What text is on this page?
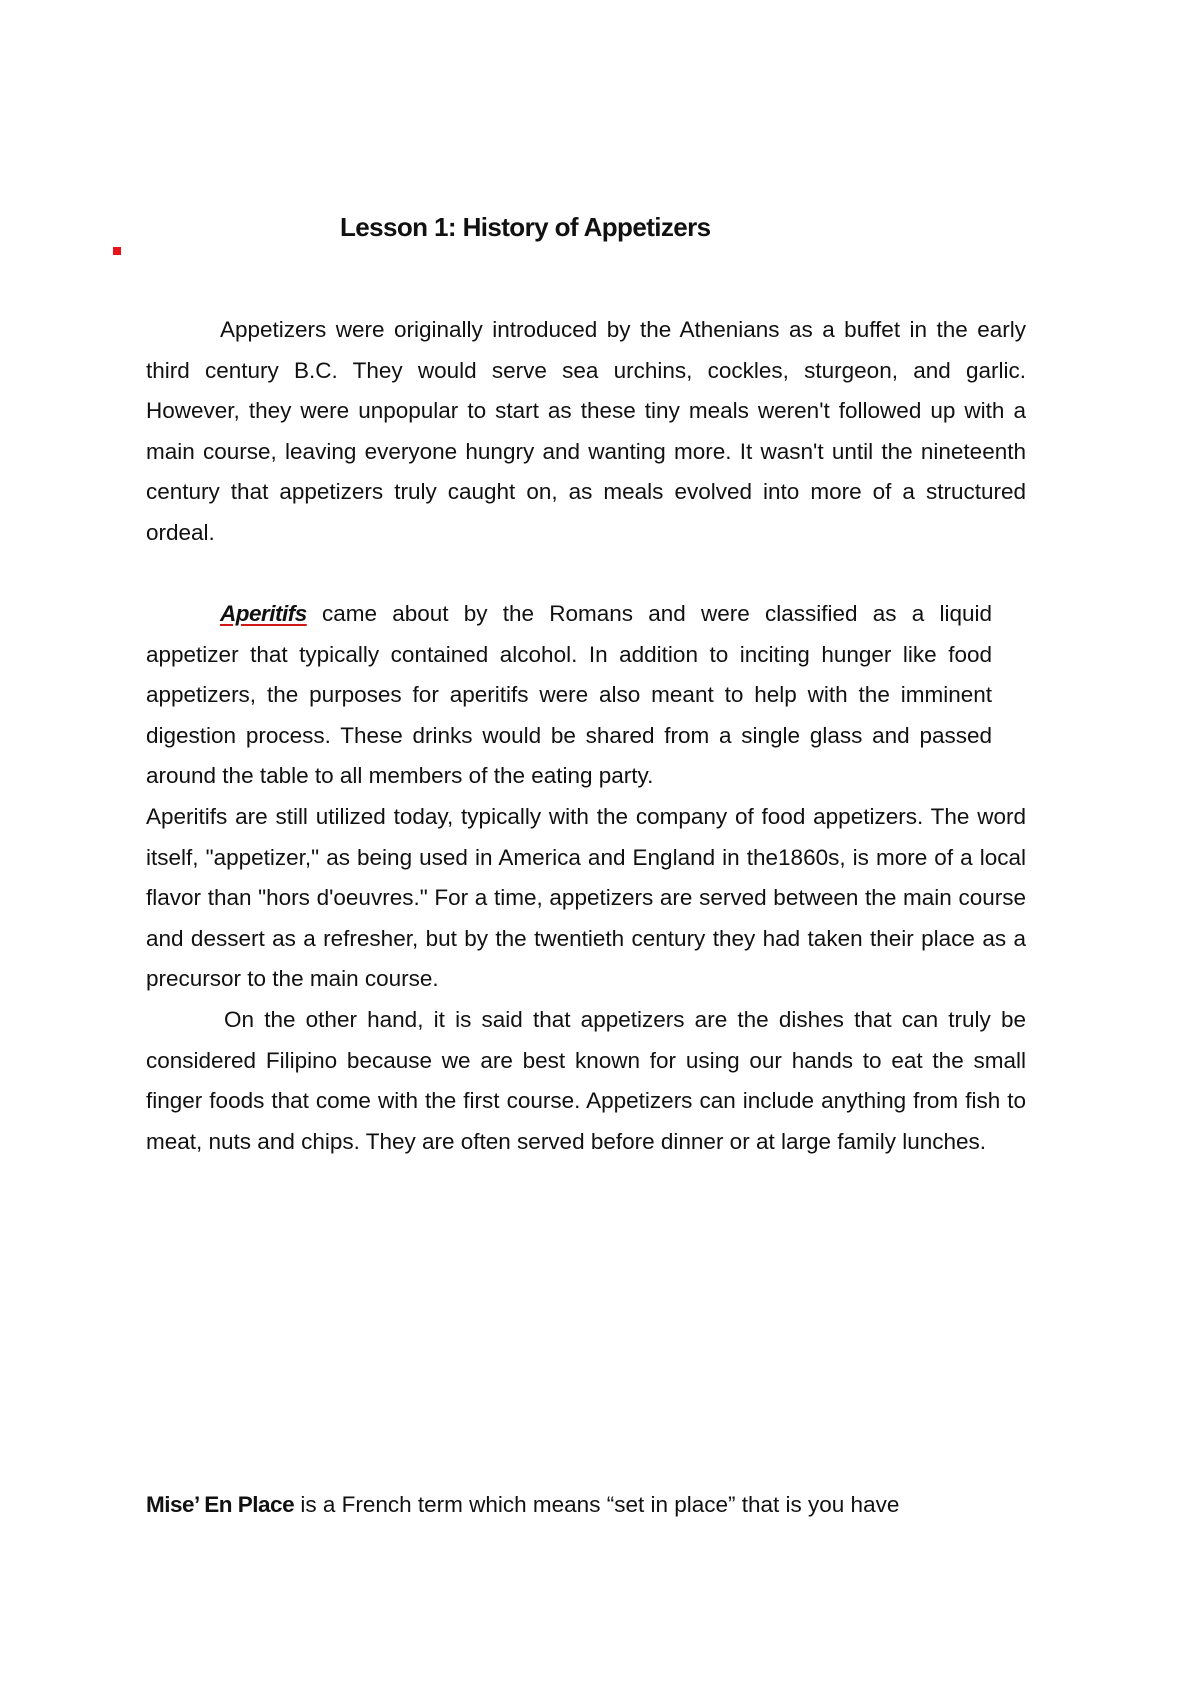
Lesson 1: History of Appetizers

Appetizers were originally introduced by the Athenians as a buffet in the early third century B.C. They would serve sea urchins, cockles, sturgeon, and garlic. However, they were unpopular to start as these tiny meals weren't followed up with a main course, leaving everyone hungry and wanting more. It wasn't until the nineteenth century that appetizers truly caught on, as meals evolved into more of a structured ordeal.

Aperitifs came about by the Romans and were classified as a liquid appetizer that typically contained alcohol. In addition to inciting hunger like food appetizers, the purposes for aperitifs were also meant to help with the imminent digestion process. These drinks would be shared from a single glass and passed around the table to all members of the eating party.

Aperitifs are still utilized today, typically with the company of food appetizers. The word itself, "appetizer," as being used in America and England in the1860s, is more of a local flavor than "hors d'oeuvres." For a time, appetizers are served between the main course and dessert as a refresher, but by the twentieth century they had taken their place as a precursor to the main course.

On the other hand, it is said that appetizers are the dishes that can truly be considered Filipino because we are best known for using our hands to eat the small finger foods that come with the first course. Appetizers can include anything from fish to meat, nuts and chips. They are often served before dinner or at large family lunches.

Mise’ En Place is a French term which means “set in place” that is you have
